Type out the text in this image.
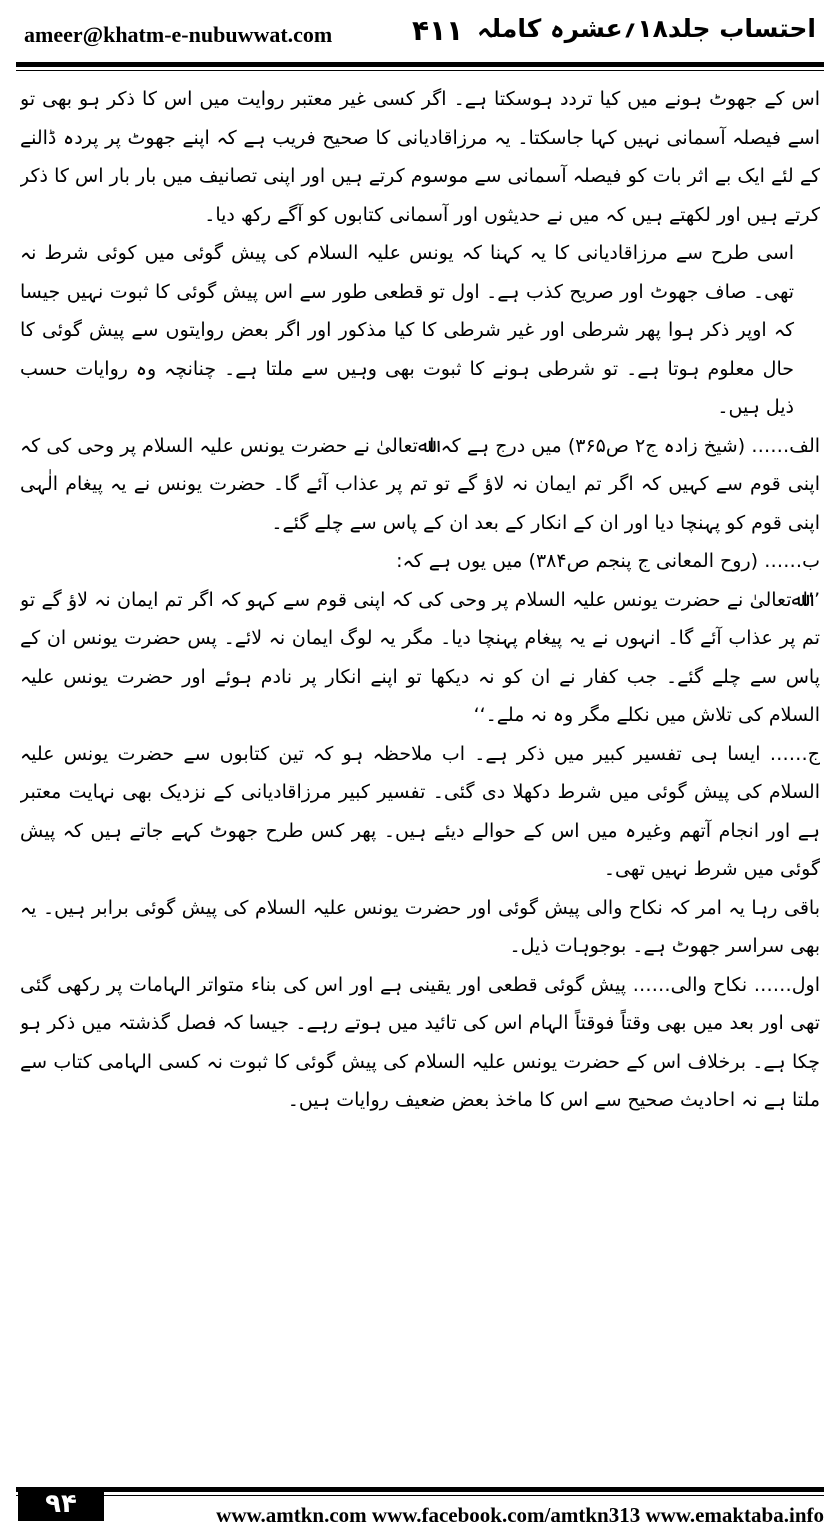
ameer@khatm-e-nubuwwat.com	۴۱۱ احتساب جلد۱۸؍عشرہ کاملہ

اس کے جھوٹ ہونے میں کیا تردد ہوسکتا ہے۔ اگر کسی غیر معتبر روایت میں اس کا ذکر ہو بھی تو اسے فیصلہ آسمانی نہیں کہا جاسکتا۔ یہ مرزاقادیانی کا صحیح فریب ہے کہ اپنے جھوٹ پر پردہ ڈالنے کے لئے ایک بے اثر بات کو فیصلہ آسمانی سے موسوم کرتے ہیں اور اپنی تصانیف میں بار بار اس کا ذکر کرتے ہیں اور لکھتے ہیں کہ میں نے حدیثوں اور آسمانی کتابوں کو آگے رکھ دیا۔

اسی طرح سے مرزاقادیانی کا یہ کہنا کہ یونس علیہ السلام کی پیش گوئی میں کوئی شرط نہ تھی۔ صاف جھوٹ اور صریح کذب ہے۔ اول تو قطعی طور سے اس پیش گوئی کا ثبوت نہیں جیسا کہ اوپر ذکر ہوا پھر شرطی اور غیر شرطی کا کیا مذکور اور اگر بعض روایتوں سے پیش گوئی کا حال معلوم ہوتا ہے۔ تو شرطی ہونے کا ثبوت بھی وہیں سے ملتا ہے۔ چنانچہ وہ روایات حسب ذیل ہیں۔

الف…… (شیخ زادہ ج۲ ص۳۶۵) میں درج ہے کہ اﷲتعالیٰ نے حضرت یونس علیہ السلام پر وحی کی کہ اپنی قوم سے کہیں کہ اگر تم ایمان نہ لاؤ گے تو تم پر عذاب آئے گا۔ حضرت یونس نے یہ پیغام الٰہی اپنی قوم کو پہنچا دیا اور ان کے انکار کے بعد ان کے پاس سے چلے گئے۔

ب…… (روح المعانی ج پنجم ص۳۸۴) میں یوں ہے کہ:

’’اﷲتعالیٰ نے حضرت یونس علیہ السلام پر وحی کی کہ اپنی قوم سے کہو کہ اگر تم ایمان نہ لاؤ گے تو تم پر عذاب آئے گا۔ انہوں نے یہ پیغام پہنچا دیا۔ مگر یہ لوگ ایمان نہ لائے۔ پس حضرت یونس ان کے پاس سے چلے گئے۔ جب کفار نے ان کو نہ دیکھا تو اپنے انکار پر نادم ہوئے اور حضرت یونس علیہ السلام کی تلاش میں نکلے مگر وہ نہ ملے۔‘‘

ج…… ایسا ہی تفسیر کبیر میں ذکر ہے۔ اب ملاحظہ ہو کہ تین کتابوں سے حضرت یونس علیہ السلام کی پیش گوئی میں شرط دکھلا دی گئی۔ تفسیر کبیر مرزاقادیانی کے نزدیک بھی نہایت معتبر ہے اور انجام آتھم وغیرہ میں اس کے حوالے دیئے ہیں۔ پھر کس طرح جھوٹ کہے جاتے ہیں کہ پیش گوئی میں شرط نہیں تھی۔

باقی رہا یہ امر کہ نکاح والی پیش گوئی اور حضرت یونس علیہ السلام کی پیش گوئی برابر ہیں۔ یہ بھی سراسر جھوٹ ہے۔ بوجوہات ذیل۔

اول…… نکاح والی…… پیش گوئی قطعی اور یقینی ہے اور اس کی بناء متواتر الہامات پر رکھی گئی تھی اور بعد میں بھی وقتاً فوقتاً الہام اس کی تائید میں ہوتے رہے۔ جیسا کہ فصل گذشتہ میں ذکر ہو چکا ہے۔ برخلاف اس کے حضرت یونس علیہ السلام کی پیش گوئی کا ثبوت نہ کسی الہامی کتاب سے ملتا ہے نہ احادیث صحیح سے اس کا ماخذ بعض ضعیف روایات ہیں۔

۹۴	www.amtkn.com www.facebook.com/amtkn313 www.emaktaba.info
